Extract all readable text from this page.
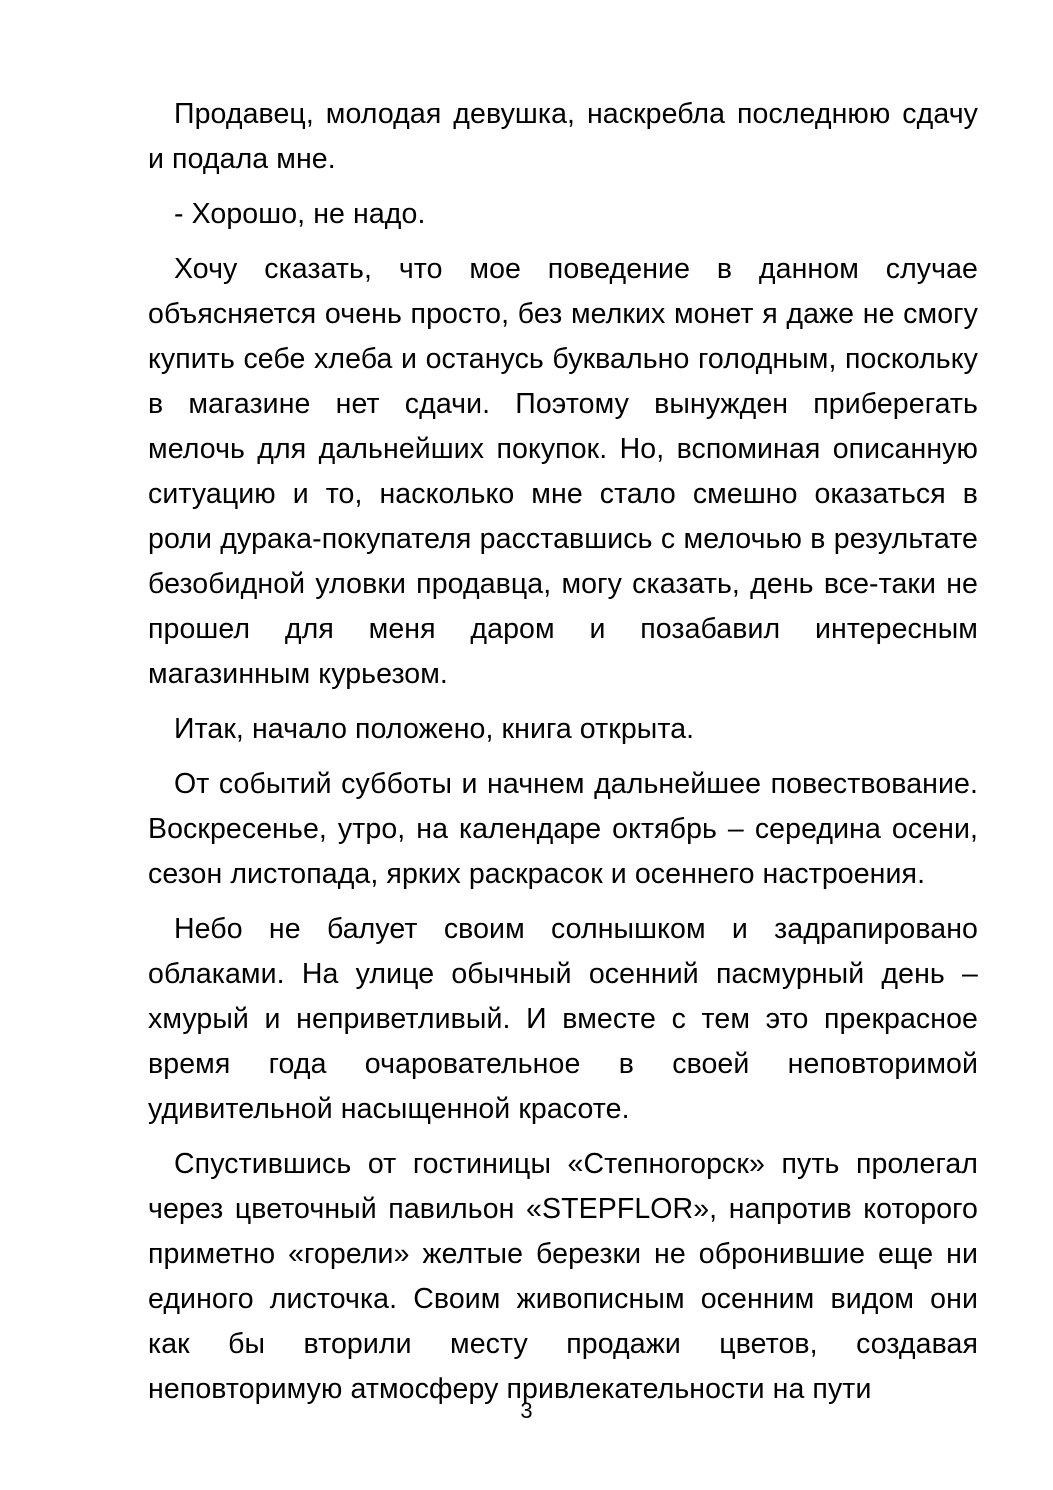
Продавец, молодая девушка, наскребла последнюю сдачу и подала мне.

- Хорошо, не надо.

Хочу сказать, что мое поведение в данном случае объясняется очень просто, без мелких монет я даже не смогу купить себе хлеба и останусь буквально голодным, поскольку в магазине нет сдачи. Поэтому вынужден приберегать мелочь для дальнейших покупок. Но, вспоминая описанную ситуацию и то, насколько мне стало смешно оказаться в роли дурака-покупателя расставшись с мелочью в результате безобидной уловки продавца, могу сказать, день все-таки не прошел для меня даром и позабавил интересным магазинным курьезом.

Итак, начало положено, книга открыта.

От событий субботы и начнем дальнейшее повествование. Воскресенье, утро, на календаре октябрь – середина осени, сезон листопада, ярких раскрасок и осеннего настроения.

Небо не балует своим солнышком и задрапировано облаками. На улице обычный осенний пасмурный день – хмурый и неприветливый. И вместе с тем это прекрасное время года очаровательное в своей неповторимой удивительной насыщенной красоте.

Спустившись от гостиницы «Степногорск» путь пролегал через цветочный павильон «STEPFLOR», напротив которого приметно «горели» желтые березки не обронившие еще ни единого листочка. Своим живописным осенним видом они как бы вторили месту продажи цветов, создавая неповторимую атмосферу привлекательности на пути

3
